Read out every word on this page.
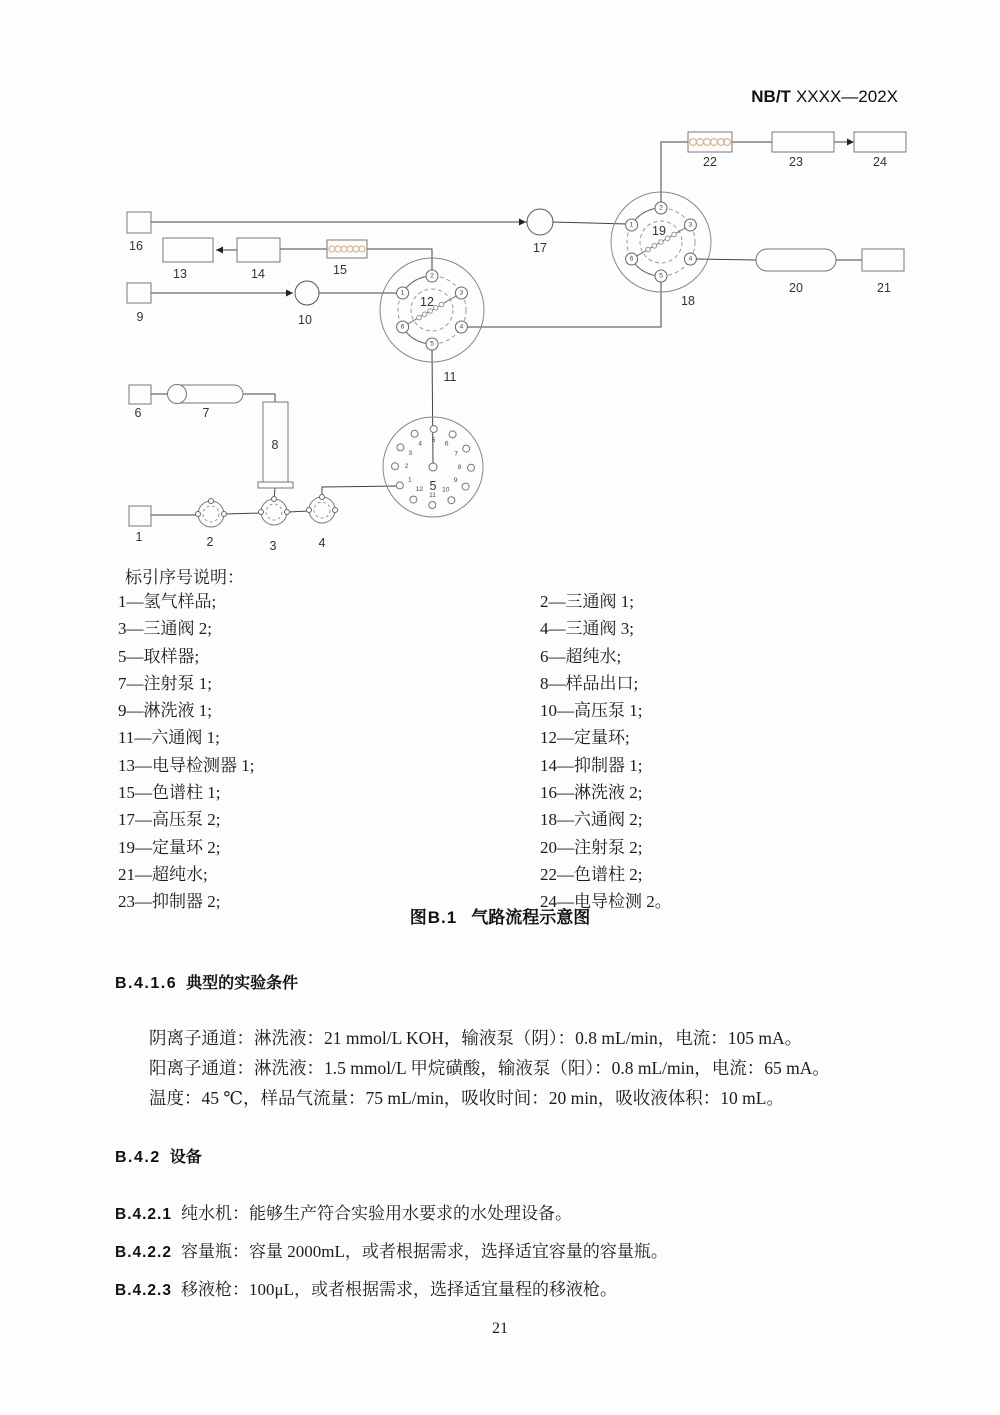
NB/T XXXX—202X
1
2
3
4
5
6
1
2
3
4
5
6
1
2
3
4 5 6
7
8
9
10
11
12
1	2	3	4
5
6	7
8
9	10
11
12
13	14	15
16	17
18
19
20	21
22	23	24
标引序号说明：
1—氢气样品;	2—三通阀 1;
3—三通阀 2;	4—三通阀 3;
5—取样器;	6—超纯水;
7—注射泵 1;	8—样品出口;
9—淋洗液 1;	10—高压泵 1;
11—六通阀 1;	12—定量环;
13—电导检测器 1;	14—抑制器 1;
15—色谱柱 1;	16—淋洗液 2;
17—高压泵 2;	18—六通阀 2;
19—定量环 2;	20—注射泵 2;
21—超纯水;	22—色谱柱 2;
23—抑制器 2;	24—电导检测 2。
图B.1 气路流程示意图
B.4.1.6 典型的实验条件
阴离子通道：淋洗液：21 mmol/L KOH，输液泵（阴）：0.8 mL/min，电流：105 mA。
阳离子通道：淋洗液：1.5 mmol/L 甲烷磺酸，输液泵（阳）：0.8 mL/min，电流：65 mA。
温度：45 ℃，样品气流量：75 mL/min，吸收时间：20 min，吸收液体积：10 mL。
B.4.2 设备
B.4.2.1 纯水机：能够生产符合实验用水要求的水处理设备。
B.4.2.2 容量瓶：容量 2000mL，或者根据需求，选择适宜容量的容量瓶。
B.4.2.3 移液枪：100μL，或者根据需求，选择适宜量程的移液枪。
21
